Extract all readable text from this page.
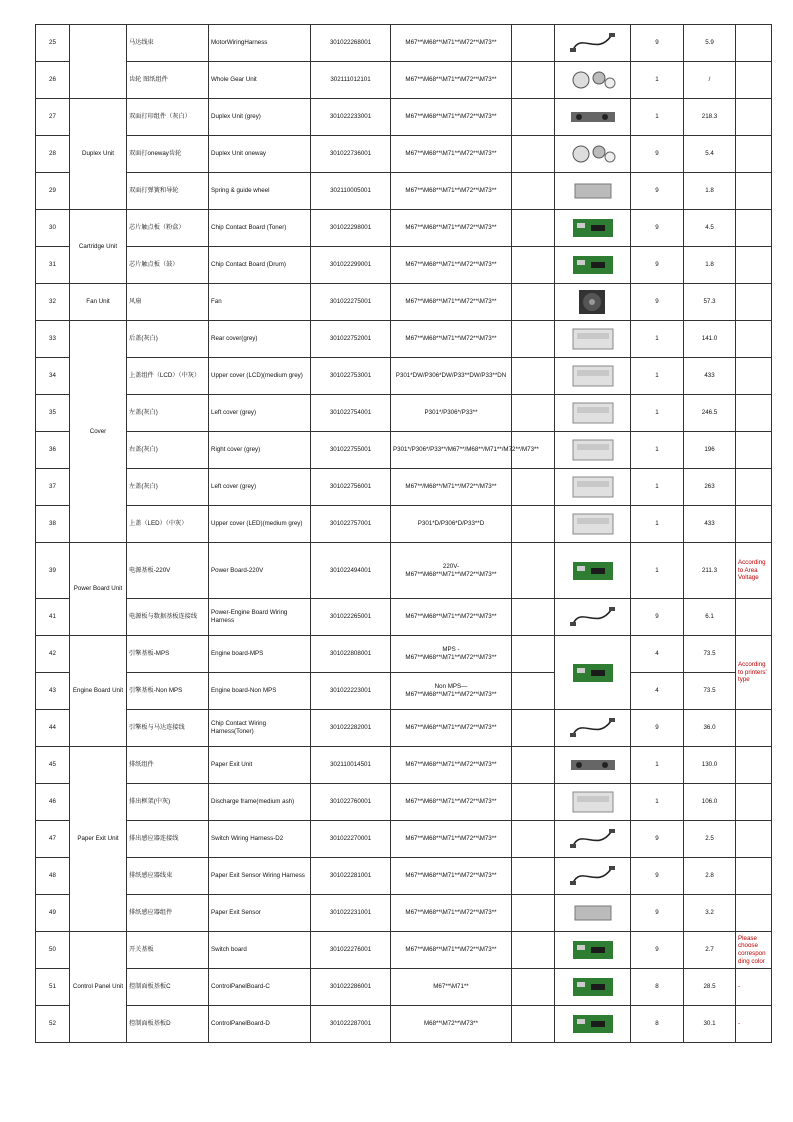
25		马达线束	MotorWiringHarness	301022268001	M67**\M68**\M71**\M72**\M73**			9	5.9	
26		齿轮 图纸组件	Whole Gear Unit	302111012101	M67**\M68**\M71**\M72**\M73**			1	/	
27	Duplex Unit	双面打印组件（灰白）	Duplex Unit (grey)	301022233001	M67**\M68**\M71**\M72**\M73**			1	218.3	
28		双面打oneway齿轮	Duplex Unit oneway	301022736001	M67**\M68**\M71**\M72**\M73**			9	5.4	
29		双面打弹簧和导轮	Spring & guide wheel	302110005001	M67**\M68**\M71**\M72**\M73**			9	1.8	
30	Cartridge Unit	芯片触点板（粉盒）	Chip Contact Board (Toner)	301022298001	M67**\M68**\M71**\M72**\M73**			9	4.5	
31		芯片触点板（鼓）	Chip Contact Board (Drum)	301022299001	M67**\M68**\M71**\M72**\M73**			9	1.8	
32	Fan Unit	风扇	Fan	301022275001	M67**\M68**\M71**\M72**\M73**			9	57.3	
33	Cover	后盖(灰白)	Rear cover(grey)	301022752001	M67**\M68**\M71**\M72**\M73**			1	141.0	
34		上盖组件（LCD）（中灰）	Upper cover (LCD)(medium grey)	301022753001	P301*DW/P306*DW/P33**DW/P33**DN			1	433	
35		左盖(灰白)	Left cover (grey)	301022754001	P301*/P306*/P33**			1	246.5	
36		右盖(灰白)	Right cover (grey)	301022755001	P301*/P306*/P33**/M67**/M68**/M71**/M72**/M73**			1	196	
37		左盖(灰白)	Left cover (grey)	301022756001	M67**/M68**/M71**/M72**/M73**			1	263	
38		上盖（LED）（中灰）	Upper cover (LED)(medium grey)	301022757001	P301*D/P306*D/P33**D			1	433	
39	Power Board Unit	电源基板-220V	Power Board-220V	301022494001	220V-
M67**\M68**\M71**\M72**\M73**			1	211.3	According to Area Voltage
41		电源板与数据基板连接线	Power-Engine Board Wiring Harness	301022265001	M67**\M68**\M71**\M72**\M73**			9	6.1	
42	Engine Board Unit	引擎基板-MPS	Engine board-MPS	301022808001	MPS -
M67**\M68**\M71**\M72**\M73**			4	73.5	According to printers' type
43		引擎基板-Non MPS	Engine board-Non MPS	301022223001	Non MPS—
M67**\M68**\M71**\M72**\M73**			4	73.5	
44		引擎板与马达连接线	Chip Contact Wiring Harness(Toner)	301022282001	M67**\M68**\M71**\M72**\M73**			9	36.0	
45	Paper Exit Unit	排纸组件	Paper Exit Unit	302110014501	M67**\M68**\M71**\M72**\M73**			1	130.0	
46		排出框架(中灰)	Discharge frame(medium ash)	301022760001	M67**\M68**\M71**\M72**\M73**			1	106.0	
47		排出感应器连接线	Switch Wiring Harness-D2	301022270001	M67**\M68**\M71**\M72**\M73**			9	2.5	
48		排纸感应器线束	Paper Exit Sensor Wiring Harness	301022281001	M67**\M68**\M71**\M72**\M73**			9	2.8	
49		排纸感应器组件	Paper Exit Sensor	301022231001	M67**\M68**\M71**\M72**\M73**			9	3.2	
50	Control Panel Unit	开关基板	Switch board	301022276001	M67**\M68**\M71**\M72**\M73**			9	2.7	Please choose correspon ding color
51		控制面板基板C	ControlPanelBoard-C	301022286001	M67**\M71**			8	28.5	-
52		控制面板基板D	ControlPanelBoard-D	301022287001	M68**\M72**\M73**			8	30.1	-
